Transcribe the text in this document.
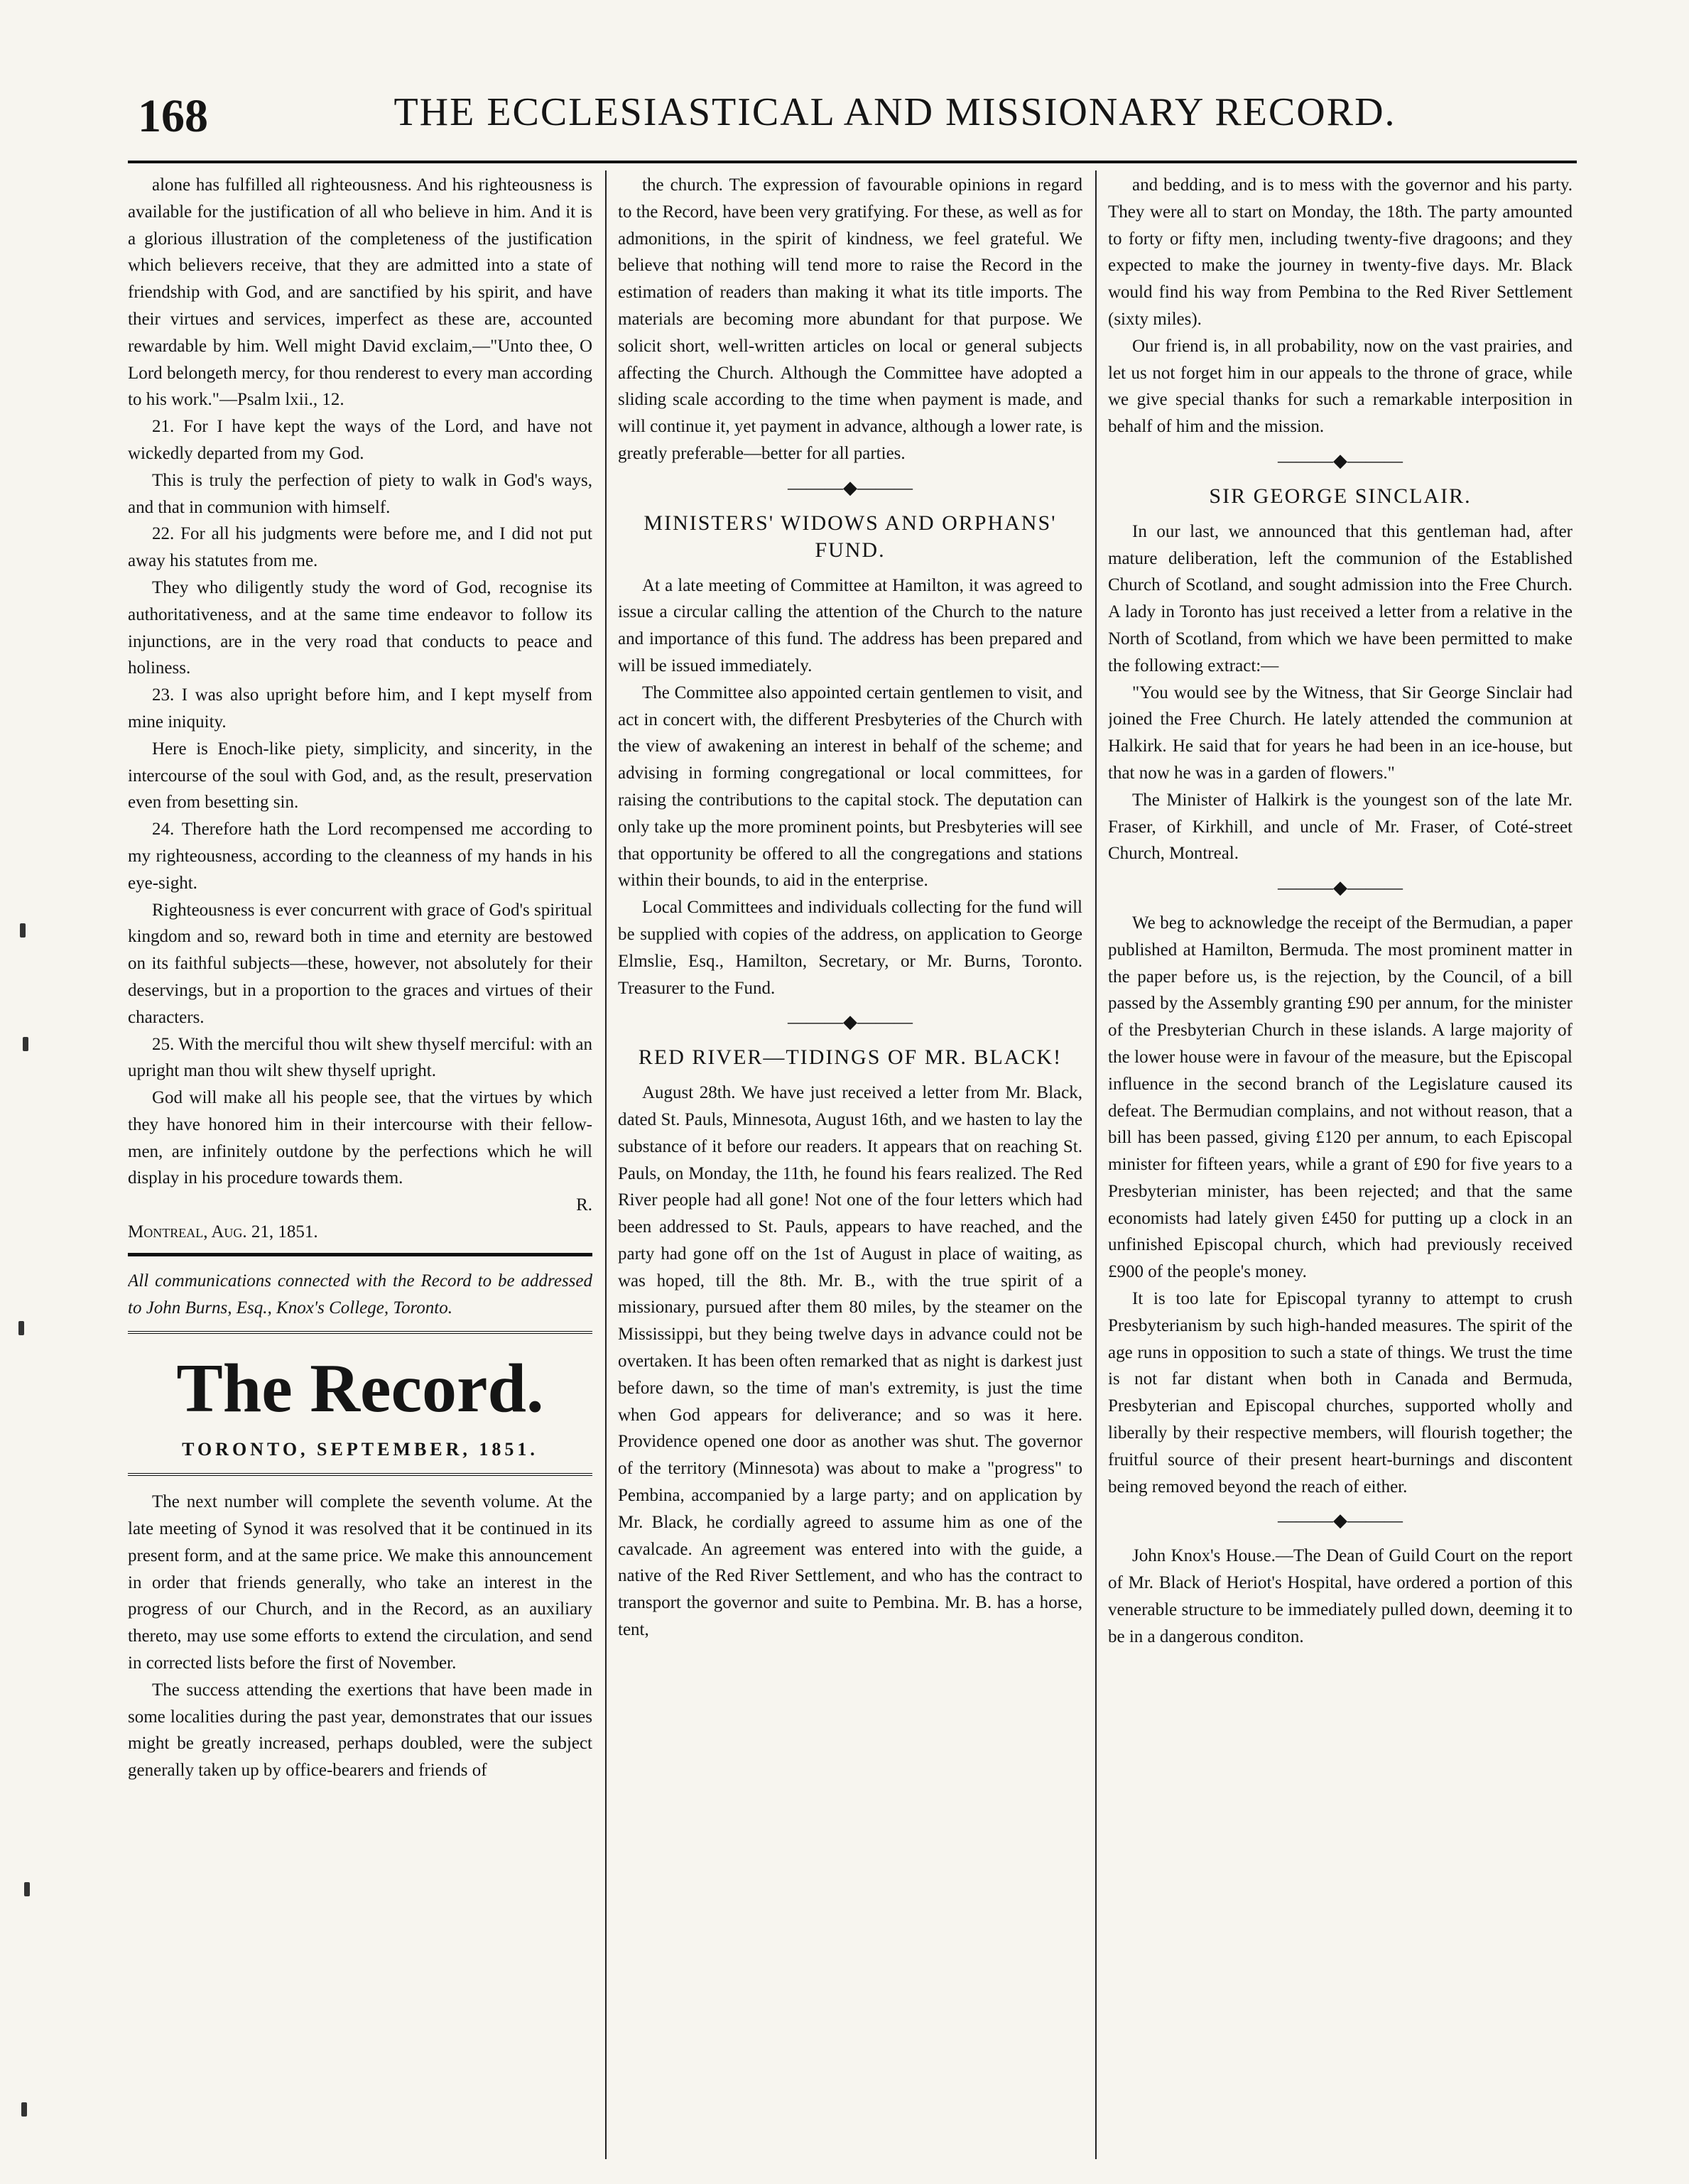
168	THE ECCLESIASTICAL AND MISSIONARY RECORD.

alone has fulfilled all righteousness. And his righteousness is available for the justification of all who believe in him. And it is a glorious illustration of the completeness of the justification which believers receive, that they are admitted into a state of friendship with God, and are sanctified by his spirit, and have their virtues and services, imperfect as these are, accounted rewardable by him. Well might David exclaim,—"Unto thee, O Lord belongeth mercy, for thou renderest to every man according to his work."—Psalm lxii., 12.

21. For I have kept the ways of the Lord, and have not wickedly departed from my God.

This is truly the perfection of piety to walk in God's ways, and that in communion with himself.

22. For all his judgments were before me, and I did not put away his statutes from me.

They who diligently study the word of God, recognise its authoritativeness, and at the same time endeavor to follow its injunctions, are in the very road that conducts to peace and holiness.

23. I was also upright before him, and I kept myself from mine iniquity.

Here is Enoch-like piety, simplicity, and sincerity, in the intercourse of the soul with God, and, as the result, preservation even from besetting sin.

24. Therefore hath the Lord recompensed me according to my righteousness, according to the cleanness of my hands in his eye-sight.

Righteousness is ever concurrent with grace of God's spiritual kingdom and so, reward both in time and eternity are bestowed on its faithful subjects—these, however, not absolutely for their deservings, but in a proportion to the graces and virtues of their characters.

25. With the merciful thou wilt shew thyself merciful: with an upright man thou wilt shew thyself upright.

God will make all his people see, that the virtues by which they have honored him in their intercourse with their fellow-men, are infinitely outdone by the perfections which he will display in his procedure towards them.

R.

Montreal, Aug. 21, 1851.

All communications connected with the Record to be addressed to John Burns, Esq., Knox's College, Toronto.

The Record.
TORONTO, SEPTEMBER, 1851.

The next number will complete the seventh volume. At the late meeting of Synod it was resolved that it be continued in its present form, and at the same price. We make this announcement in order that friends generally, who take an interest in the progress of our Church, and in the Record, as an auxiliary thereto, may use some efforts to extend the circulation, and send in corrected lists before the first of November.

The success attending the exertions that have been made in some localities during the past year, demonstrates that our issues might be greatly increased, perhaps doubled, were the subject generally taken up by office-bearers and friends of

the church. The expression of favourable opinions in regard to the Record, have been very gratifying. For these, as well as for admonitions, in the spirit of kindness, we feel grateful. We believe that nothing will tend more to raise the Record in the estimation of readers than making it what its title imports. The materials are becoming more abundant for that purpose. We solicit short, well-written articles on local or general subjects affecting the Church. Although the Committee have adopted a sliding scale according to the time when payment is made, and will continue it, yet payment in advance, although a lower rate, is greatly preferable—better for all parties.

———◆———
MINISTERS' WIDOWS AND ORPHANS' FUND.

At a late meeting of Committee at Hamilton, it was agreed to issue a circular calling the attention of the Church to the nature and importance of this fund. The address has been prepared and will be issued immediately.

The Committee also appointed certain gentlemen to visit, and act in concert with, the different Presbyteries of the Church with the view of awakening an interest in behalf of the scheme; and advising in forming congregational or local committees, for raising the contributions to the capital stock. The deputation can only take up the more prominent points, but Presbyteries will see that opportunity be offered to all the congregations and stations within their bounds, to aid in the enterprise.

Local Committees and individuals collecting for the fund will be supplied with copies of the address, on application to George Elmslie, Esq., Hamilton, Secretary, or Mr. Burns, Toronto. Treasurer to the Fund.

———◆———
RED RIVER—TIDINGS OF MR. BLACK!

August 28th. We have just received a letter from Mr. Black, dated St. Pauls, Minnesota, August 16th, and we hasten to lay the substance of it before our readers. It appears that on reaching St. Pauls, on Monday, the 11th, he found his fears realized. The Red River people had all gone! Not one of the four letters which had been addressed to St. Pauls, appears to have reached, and the party had gone off on the 1st of August in place of waiting, as was hoped, till the 8th. Mr. B., with the true spirit of a missionary, pursued after them 80 miles, by the steamer on the Mississippi, but they being twelve days in advance could not be overtaken. It has been often remarked that as night is darkest just before dawn, so the time of man's extremity, is just the time when God appears for deliverance; and so was it here. Providence opened one door as another was shut. The governor of the territory (Minnesota) was about to make a "progress" to Pembina, accompanied by a large party; and on application by Mr. Black, he cordially agreed to assume him as one of the cavalcade. An agreement was entered into with the guide, a native of the Red River Settlement, and who has the contract to transport the governor and suite to Pembina. Mr. B. has a horse, tent,

and bedding, and is to mess with the governor and his party. They were all to start on Monday, the 18th. The party amounted to forty or fifty men, including twenty-five dragoons; and they expected to make the journey in twenty-five days. Mr. Black would find his way from Pembina to the Red River Settlement (sixty miles).

Our friend is, in all probability, now on the vast prairies, and let us not forget him in our appeals to the throne of grace, while we give special thanks for such a remarkable interposition in behalf of him and the mission.

———◆———
SIR GEORGE SINCLAIR.

In our last, we announced that this gentleman had, after mature deliberation, left the communion of the Established Church of Scotland, and sought admission into the Free Church. A lady in Toronto has just received a letter from a relative in the North of Scotland, from which we have been permitted to make the following extract:—

"You would see by the Witness, that Sir George Sinclair had joined the Free Church. He lately attended the communion at Halkirk. He said that for years he had been in an ice-house, but that now he was in a garden of flowers."

The Minister of Halkirk is the youngest son of the late Mr. Fraser, of Kirkhill, and uncle of Mr. Fraser, of Coté-street Church, Montreal.

———◆———

We beg to acknowledge the receipt of the Bermudian, a paper published at Hamilton, Bermuda. The most prominent matter in the paper before us, is the rejection, by the Council, of a bill passed by the Assembly granting £90 per annum, for the minister of the Presbyterian Church in these islands. A large majority of the lower house were in favour of the measure, but the Episcopal influence in the second branch of the Legislature caused its defeat. The Bermudian complains, and not without reason, that a bill has been passed, giving £120 per annum, to each Episcopal minister for fifteen years, while a grant of £90 for five years to a Presbyterian minister, has been rejected; and that the same economists had lately given £450 for putting up a clock in an unfinished Episcopal church, which had previously received £900 of the people's money.

It is too late for Episcopal tyranny to attempt to crush Presbyterianism by such high-handed measures. The spirit of the age runs in opposition to such a state of things. We trust the time is not far distant when both in Canada and Bermuda, Presbyterian and Episcopal churches, supported wholly and liberally by their respective members, will flourish together; the fruitful source of their present heart-burnings and discontent being removed beyond the reach of either.

———◆———

John Knox's House.—The Dean of Guild Court on the report of Mr. Black of Heriot's Hospital, have ordered a portion of this venerable structure to be immediately pulled down, deeming it to be in a dangerous conditon.
